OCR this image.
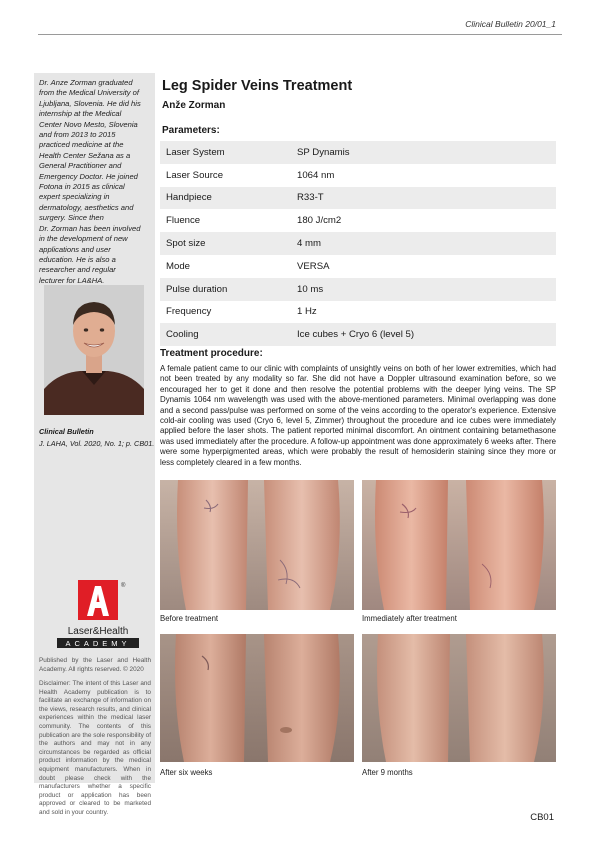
Clinical Bulletin 20/01_1

Dr. Anze Zorman graduated

from the Medical University of

Ljubljana, Slovenia. He did his

internship at the Medical

Center Novo Mesto, Slovenia

and from 2013 to 2015

practiced medicine at the

Health Center Sežana as a

General Practitioner and

Emergency Doctor. He joined

Fotona in 2015 as clinical

expert specializing in

dermatology, aesthetics and

surgery. Since then

Dr. Zorman has been involved

in the development of new

applications and user

education. He is also a

researcher and regular

lecturer for LA&HA.

Clinical Bulletin
J. LAHA, Vol. 2020, No. 1; p. CB01.
®
Laser&Health
ACADEMY
Published by the Laser and Health Academy. All rights reserved. © 2020
Disclaimer: The intent of this Laser and Health Academy publication is to facilitate an exchange of information on the views, research results, and clinical experiences within the medical laser community. The contents of this publication are the sole responsibility of the authors and may not in any circumstances be regarded as official product information by the medical equipment manufacturers. When in doubt please check with the manufacturers whether a specific product or application has been approved or cleared to be marketed and sold in your country.
Leg Spider Veins Treatment
Anže Zorman
Parameters:
Laser System	SP Dynamis
Laser Source	1064 nm
Handpiece	R33-T
Fluence	180 J/cm2
Spot size	4 mm
Mode	VERSA
Pulse duration	10 ms
Frequency	1 Hz
Cooling	Ice cubes + Cryo 6 (level 5)
Treatment procedure:

A female patient came to our clinic with complaints of unsightly veins on both of her lower extremities, which had not been treated by any modality so far. She did not have a Doppler ultrasound examination before, so we encouraged her to get it done and then resolve the potential problems with the deeper lying veins. The SP Dynamis 1064 nm wavelength was used with the above-mentioned parameters. Minimal overlapping was done and a second pass/pulse was performed on some of the veins according to the operator's experience. Extensive cold-air cooling was used (Cryo 6, level 5, Zimmer) throughout the procedure and ice cubes were immediately applied before the laser shots. The patient reported minimal discomfort. An ointment containing betamethasone was used immediately after the procedure. A follow-up appointment was done approximately 6 weeks after. There were some hyperpigmented areas, which were probably the result of hemosiderin staining since they more or less completely cleared in a few months.

Before treatment	Immediately after treatment
After six weeks	After 9 months
CB01
